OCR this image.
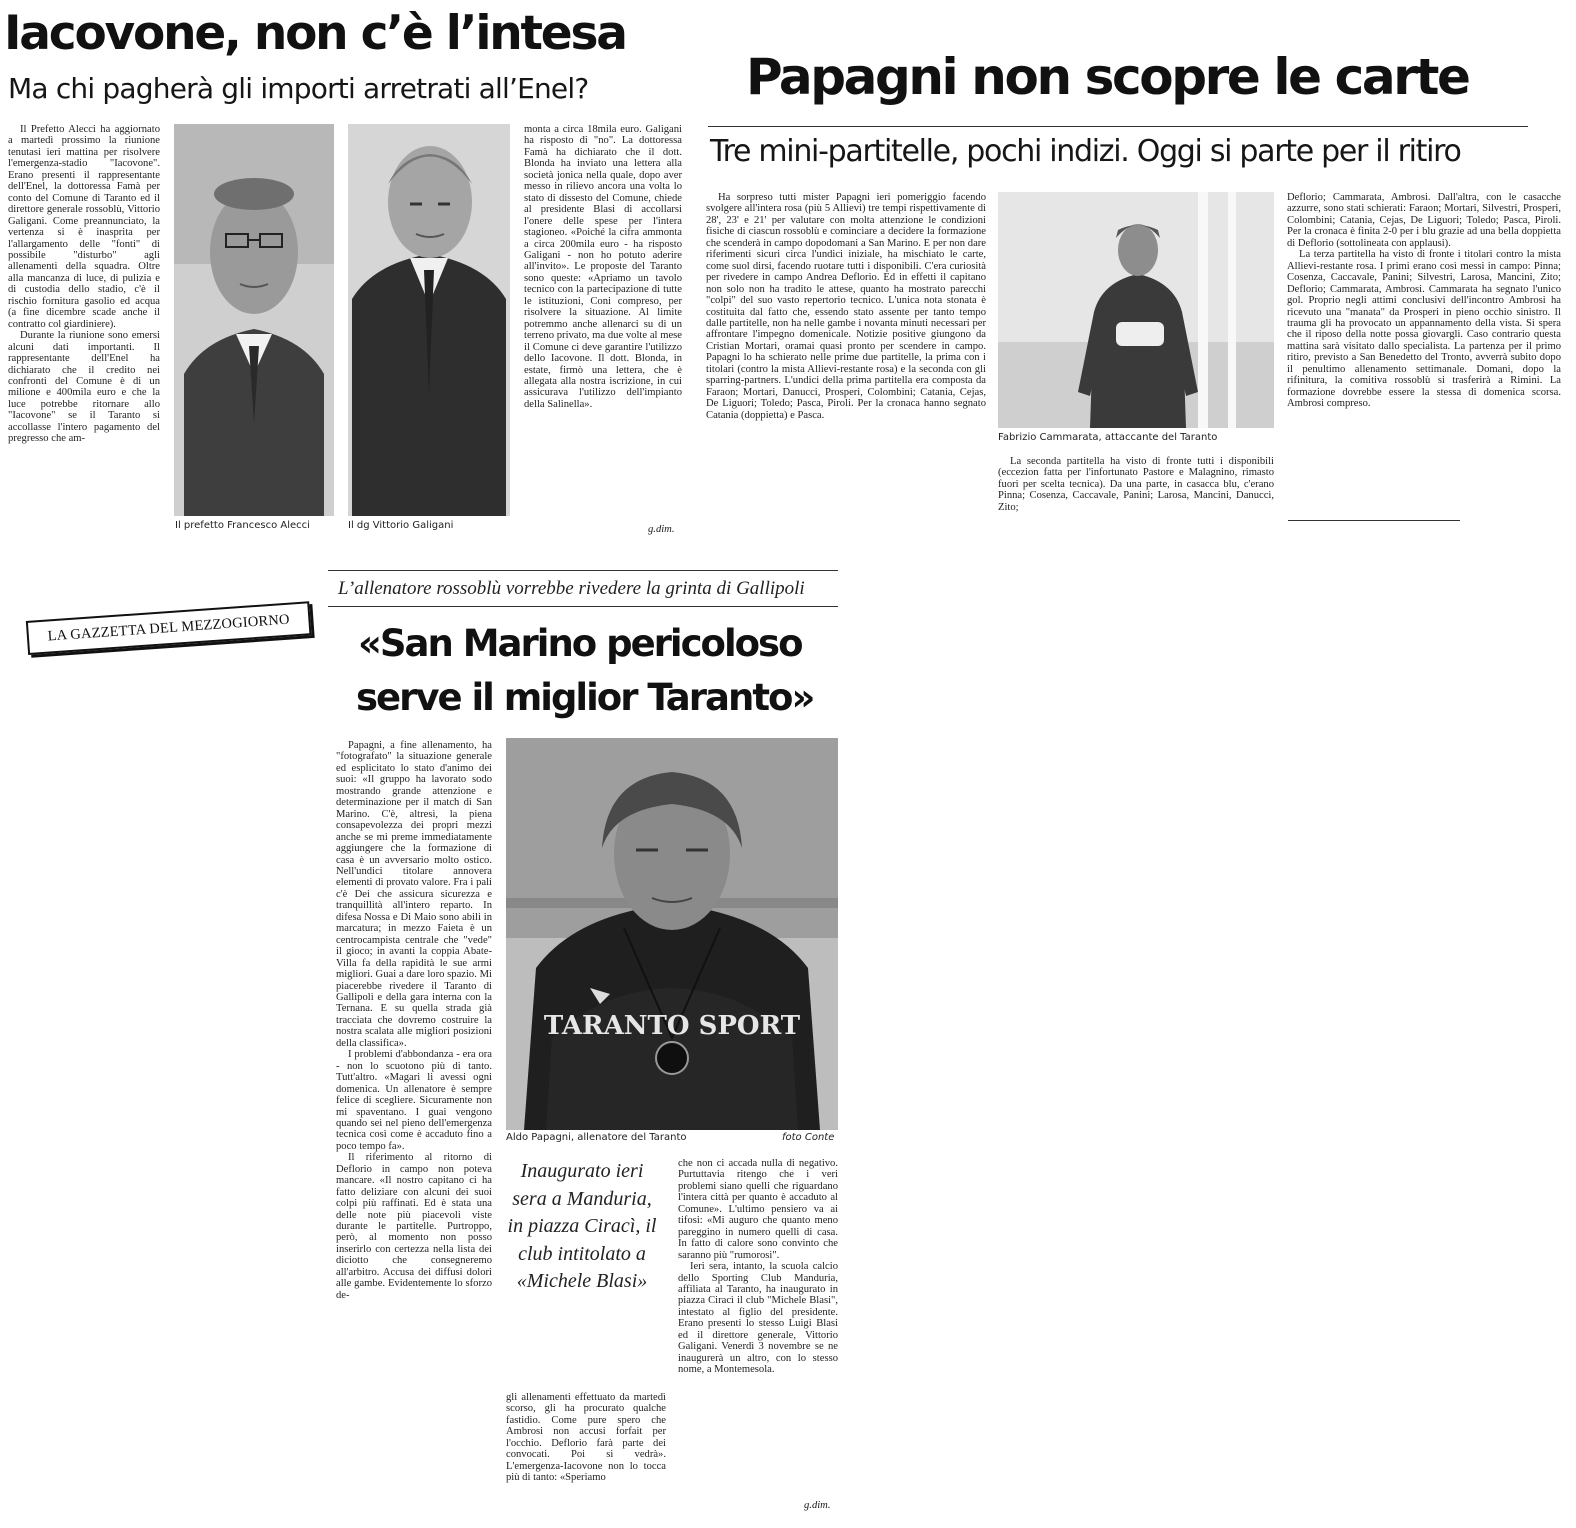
Iacovone, non c’è l’intesa
Ma chi pagherà gli importi arretrati all’Enel?

Il Prefetto Alecci ha aggiornato a martedì prossimo la riunione tenutasi ieri mattina per risolvere l'emergenza-stadio "Iacovone". Erano presenti il rappresentante dell'Enel, la dottoressa Famà per conto del Comune di Taranto ed il direttore generale rossoblù, Vittorio Galigani. Come preannunciato, la vertenza si è inasprita per l'allargamento delle "fonti" di possibile "disturbo" agli allenamenti della squadra. Oltre alla mancanza di luce, di pulizia e di custodia dello stadio, c'è il rischio fornitura gasolio ed acqua (a fine dicembre scade anche il contratto col giardiniere).

Durante la riunione sono emersi alcuni dati importanti. Il rappresentante dell'Enel ha dichiarato che il credito nei confronti del Comune è di un milione e 400mila euro e che la luce potrebbe ritornare allo "Iacovone" se il Taranto si accollasse l'intero pagamento del pregresso che am-

Il prefetto Francesco Alecci	Il dg Vittorio Galigani

monta a circa 18mila euro. Galigani ha risposto di "no". La dottoressa Famà ha dichiarato che il dott. Blonda ha inviato una lettera alla società jonica nella quale, dopo aver messo in rilievo ancora una volta lo stato di dissesto del Comune, chiede al presidente Blasi di accollarsi l'onere delle spese per l'intera stagioneo. «Poiché la cifra ammonta a circa 200mila euro - ha risposto Galigani - non ho potuto aderire all'invito». Le proposte del Taranto sono queste: «Apriamo un tavolo tecnico con la partecipazione di tutte le istituzioni, Coni compreso, per risolvere la situazione. Al limite potremmo anche allenarci su di un terreno privato, ma due volte al mese il Comune ci deve garantire l'utilizzo dello Iacovone. Il dott. Blonda, in estate, firmò una lettera, che è allegata alla nostra iscrizione, in cui assicurava l'utilizzo dell'impianto della Salinella».

g.dim.
Papagni non scopre le carte
Tre mini-partitelle, pochi indizi. Oggi si parte per il ritiro

Ha sorpreso tutti mister Papagni ieri pomeriggio facendo svolgere all'intera rosa (più 5 Allievi) tre tempi rispettivamente di 28', 23' e 21' per valutare con molta attenzione le condizioni fisiche di ciascun rossoblù e cominciare a decidere la formazione che scenderà in campo dopodomani a San Marino. E per non dare riferimenti sicuri circa l'undici iniziale, ha mischiato le carte, come suol dirsi, facendo ruotare tutti i disponibili. C'era curiosità per rivedere in campo Andrea Deflorio. Ed in effetti il capitano non solo non ha tradito le attese, quanto ha mostrato parecchi "colpi" del suo vasto repertorio tecnico. L'unica nota stonata è costituita dal fatto che, essendo stato assente per tanto tempo dalle partitelle, non ha nelle gambe i novanta minuti necessari per affrontare l'impegno domenicale. Notizie positive giungono da Cristian Mortari, oramai quasi pronto per scendere in campo. Papagni lo ha schierato nelle prime due partitelle, la prima con i titolari (contro la mista Allievi-restante rosa) e la seconda con gli sparring-partners. L'undici della prima partitella era composta da Faraon; Mortari, Danucci, Prosperi, Colombini; Catania, Cejas, De Liguori; Toledo; Pasca, Piroli. Per la cronaca hanno segnato Catania (doppietta) e Pasca.

Fabrizio Cammarata, attaccante del Taranto

La seconda partitella ha visto di fronte tutti i disponibili (eccezion fatta per l'infortunato Pastore e Malagnino, rimasto fuori per scelta tecnica). Da una parte, in casacca blu, c'erano Pinna; Cosenza, Caccavale, Panini; Larosa, Mancini, Danucci, Zito;

Deflorio; Cammarata, Ambrosi. Dall'altra, con le casacche azzurre, sono stati schierati: Faraon; Mortari, Silvestri, Prosperi, Colombini; Catania, Cejas, De Liguori; Toledo; Pasca, Piroli. Per la cronaca è finita 2-0 per i blu grazie ad una bella doppietta di Deflorio (sottolineata con applausi).

La terza partitella ha visto di fronte i titolari contro la mista Allievi-restante rosa. I primi erano così messi in campo: Pinna; Cosenza, Caccavale, Panini; Silvestri, Larosa, Mancini, Zito; Deflorio; Cammarata, Ambrosi. Cammarata ha segnato l'unico gol. Proprio negli attimi conclusivi dell'incontro Ambrosi ha ricevuto una "manata" da Prosperi in pieno occhio sinistro. Il trauma gli ha provocato un appannamento della vista. Si spera che il riposo della notte possa giovargli. Caso contrario questa mattina sarà visitato dallo specialista. La partenza per il primo ritiro, previsto a San Benedetto del Tronto, avverrà subito dopo il penultimo allenamento settimanale. Domani, dopo la rifinitura, la comitiva rossoblù si trasferirà a Rimini. La formazione dovrebbe essere la stessa di domenica scorsa. Ambrosi compreso.

LA GAZZETTA DEL MEZZOGIORNO
L’allenatore rossoblù vorrebbe rivedere la grinta di Gallipoli
«San Marino pericoloso
serve il miglior Taranto»

Papagni, a fine allenamento, ha "fotografato" la situazione generale ed esplicitato lo stato d'animo dei suoi: «Il gruppo ha lavorato sodo mostrando grande attenzione e determinazione per il match di San Marino. C'è, altresì, la piena consapevolezza dei propri mezzi anche se mi preme immediatamente aggiungere che la formazione di casa è un avversario molto ostico. Nell'undici titolare annovera elementi di provato valore. Fra i pali c'è Dei che assicura sicurezza e tranquillità all'intero reparto. In difesa Nossa e Di Maio sono abili in marcatura; in mezzo Faieta è un centrocampista centrale che "vede" il gioco; in avanti la coppia Abate-Villa fa della rapidità le sue armi migliori. Guai a dare loro spazio. Mi piacerebbe rivedere il Taranto di Gallipoli e della gara interna con la Ternana. E su quella strada già tracciata che dovremo costruire la nostra scalata alle migliori posizioni della classifica».

I problemi d'abbondanza - era ora - non lo scuotono più di tanto. Tutt'altro. «Magari li avessi ogni domenica. Un allenatore è sempre felice di scegliere. Sicuramente non mi spaventano. I guai vengono quando sei nel pieno dell'emergenza tecnica così come è accaduto fino a poco tempo fa».

Il riferimento al ritorno di Deflorio in campo non poteva mancare. «Il nostro capitano ci ha fatto deliziare con alcuni dei suoi colpi più raffinati. Ed è stata una delle note più piacevoli viste durante le partitelle. Purtroppo, però, al momento non posso inserirlo con certezza nella lista dei diciotto che consegneremo all'arbitro. Accusa dei diffusi dolori alle gambe. Evidentemente lo sforzo de-

TARANTO SPORT
Aldo Papagni, allenatore del Taranto	foto Conte
Inaugurato ieri sera a Manduria, in piazza Ciracì, il club intitolato a «Michele Blasi»

gli allenamenti effettuato da martedì scorso, gli ha procurato qualche fastidio. Come pure spero che Ambrosi non accusi forfait per l'occhio. Deflorio farà parte dei convocati. Poi si vedrà». L'emergenza-Iacovone non lo tocca più di tanto: «Speriamo

che non ci accada nulla di negativo. Purtuttavia ritengo che i veri problemi siano quelli che riguardano l'intera città per quanto è accaduto al Comune». L'ultimo pensiero va ai tifosi: «Mi auguro che quanto meno pareggino in numero quelli di casa. In fatto di calore sono convinto che saranno più "rumorosi".

Ieri sera, intanto, la scuola calcio dello Sporting Club Manduria, affiliata al Taranto, ha inaugurato in piazza Ciracì il club "Michele Blasi", intestato al figlio del presidente. Erano presenti lo stesso Luigi Blasi ed il direttore generale, Vittorio Galigani. Venerdì 3 novembre se ne inaugurerà un altro, con lo stesso nome, a Montemesola.

g.dim.
